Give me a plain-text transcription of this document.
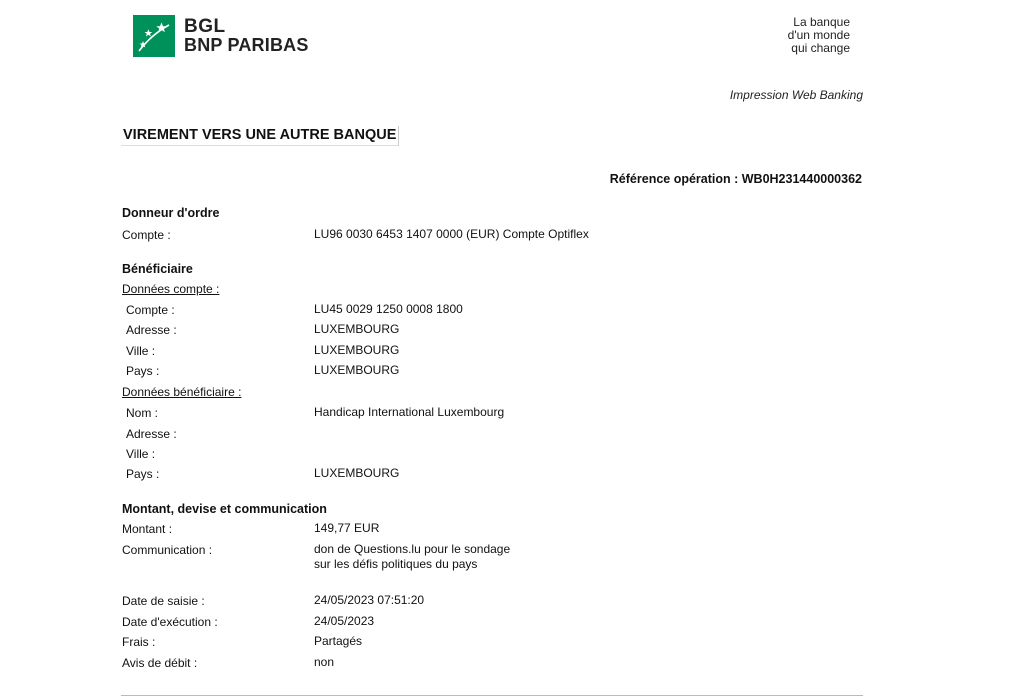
BGL
BNP PARIBAS
La banque
d'un monde
qui change
Impression Web Banking
VIREMENT VERS UNE AUTRE BANQUE
Référence opération : WB0H231440000362
Donneur d'ordre
Compte :	LU96 0030 6453 1407 0000 (EUR) Compte Optiflex
Bénéficiaire
Données compte :
Compte :	LU45 0029 1250 0008 1800
Adresse :	LUXEMBOURG
Ville :	LUXEMBOURG
Pays :	LUXEMBOURG
Données bénéficiaire :
Nom :	Handicap International Luxembourg
Adresse :
Ville :
Pays :	LUXEMBOURG
Montant, devise et communication
Montant :	149,77 EUR
Communication :	don de Questions.lu pour le sondage
sur les défis politiques du pays
Date de saisie :	24/05/2023 07:51:20
Date d'exécution :	24/05/2023
Frais :	Partagés
Avis de débit :	non
